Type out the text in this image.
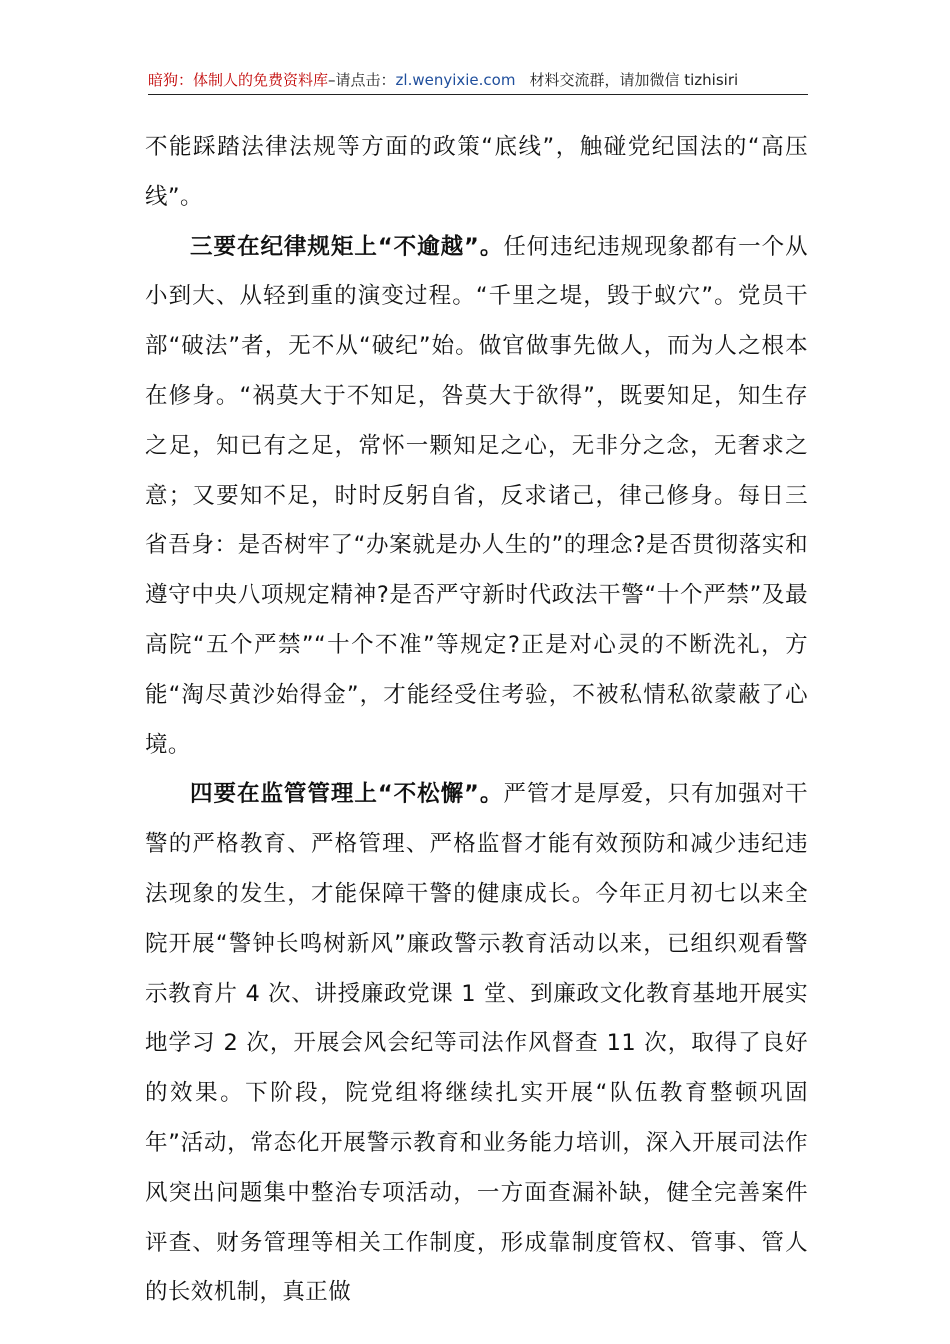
暗狗：体制人的免费资料库–请点击：zl.wenyixie.com 材料交流群，请加微信 tizhisiri

不能踩踏法律法规等方面的政策“底线”，触碰党纪国法的“高压线”。

三要在纪律规矩上“不逾越”。任何违纪违规现象都有一个从小到大、从轻到重的演变过程。“千里之堤，毁于蚁穴”。党员干部“破法”者，无不从“破纪”始。做官做事先做人，而为人之根本在修身。“祸莫大于不知足，咎莫大于欲得”，既要知足，知生存之足，知已有之足，常怀一颗知足之心，无非分之念，无奢求之意；又要知不足，时时反躬自省，反求诸己，律己修身。每日三省吾身：是否树牢了“办案就是办人生的”的理念?是否贯彻落实和遵守中央八项规定精神?是否严守新时代政法干警“十个严禁”及最高院“五个严禁”“十个不准”等规定?正是对心灵的不断洗礼，方能“淘尽黄沙始得金”，才能经受住考验，不被私情私欲蒙蔽了心境。

四要在监管管理上“不松懈”。严管才是厚爱，只有加强对干警的严格教育、严格管理、严格监督才能有效预防和减少违纪违法现象的发生，才能保障干警的健康成长。今年正月初七以来全院开展“警钟长鸣树新风”廉政警示教育活动以来，已组织观看警示教育片 4 次、讲授廉政党课 1 堂、到廉政文化教育基地开展实地学习 2 次，开展会风会纪等司法作风督查 11 次，取得了良好的效果。下阶段，院党组将继续扎实开展“队伍教育整顿巩固年”活动，常态化开展警示教育和业务能力培训，深入开展司法作风突出问题集中整治专项活动，一方面查漏补缺，健全完善案件评查、财务管理等相关工作制度，形成靠制度管权、管事、管人的长效机制，真正做
